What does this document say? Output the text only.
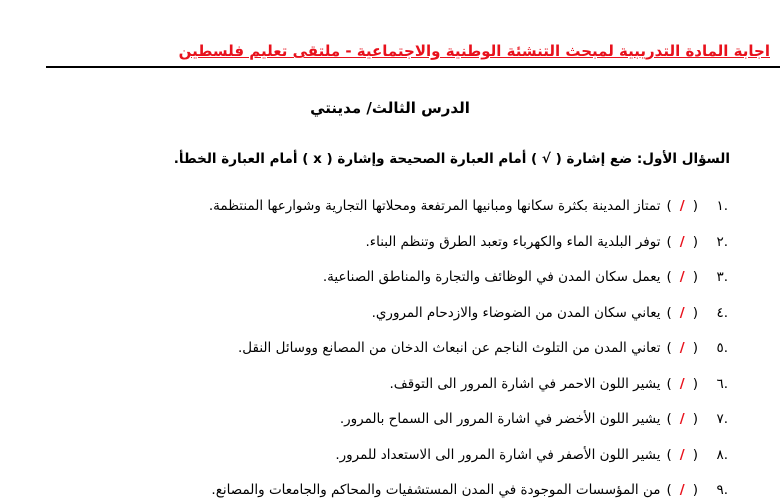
اجابة المادة التدريبية لمبحث التنشئة الوطنية والاجتماعية - ملتقى تعليم فلسطين
الدرس الثالث/ مدينتي
السؤال الأول: ضع إشارة ( √ ) أمام العبارة الصحيحة وإشارة ( x ) أمام العبارة الخطأ.
.١
(
/
)
تمتاز المدينة بكثرة سكانها ومبانيها المرتفعة ومحلاتها التجارية وشوارعها المنتظمة.
.٢
(
/
)
توفر البلدية الماء والكهرباء وتعبد الطرق وتنظم البناء.
.٣
(
/
)
يعمل سكان المدن في الوظائف والتجارة والمناطق الصناعية.
.٤
(
/
)
يعاني سكان المدن من الضوضاء والازدحام المروري.
.٥
(
/
)
تعاني المدن من التلوث الناجم عن انبعاث الدخان من المصانع ووسائل النقل.
.٦
(
/
)
يشير اللون الاحمر في اشارة المرور الى التوقف.
.٧
(
/
)
يشير اللون الأخضر في اشارة المرور الى السماح بالمرور.
.٨
(
/
)
يشير اللون الأصفر في اشارة المرور الى الاستعداد للمرور.
.٩
(
/
)
من المؤسسات الموجودة في المدن المستشفيات والمحاكم والجامعات والمصانع.
